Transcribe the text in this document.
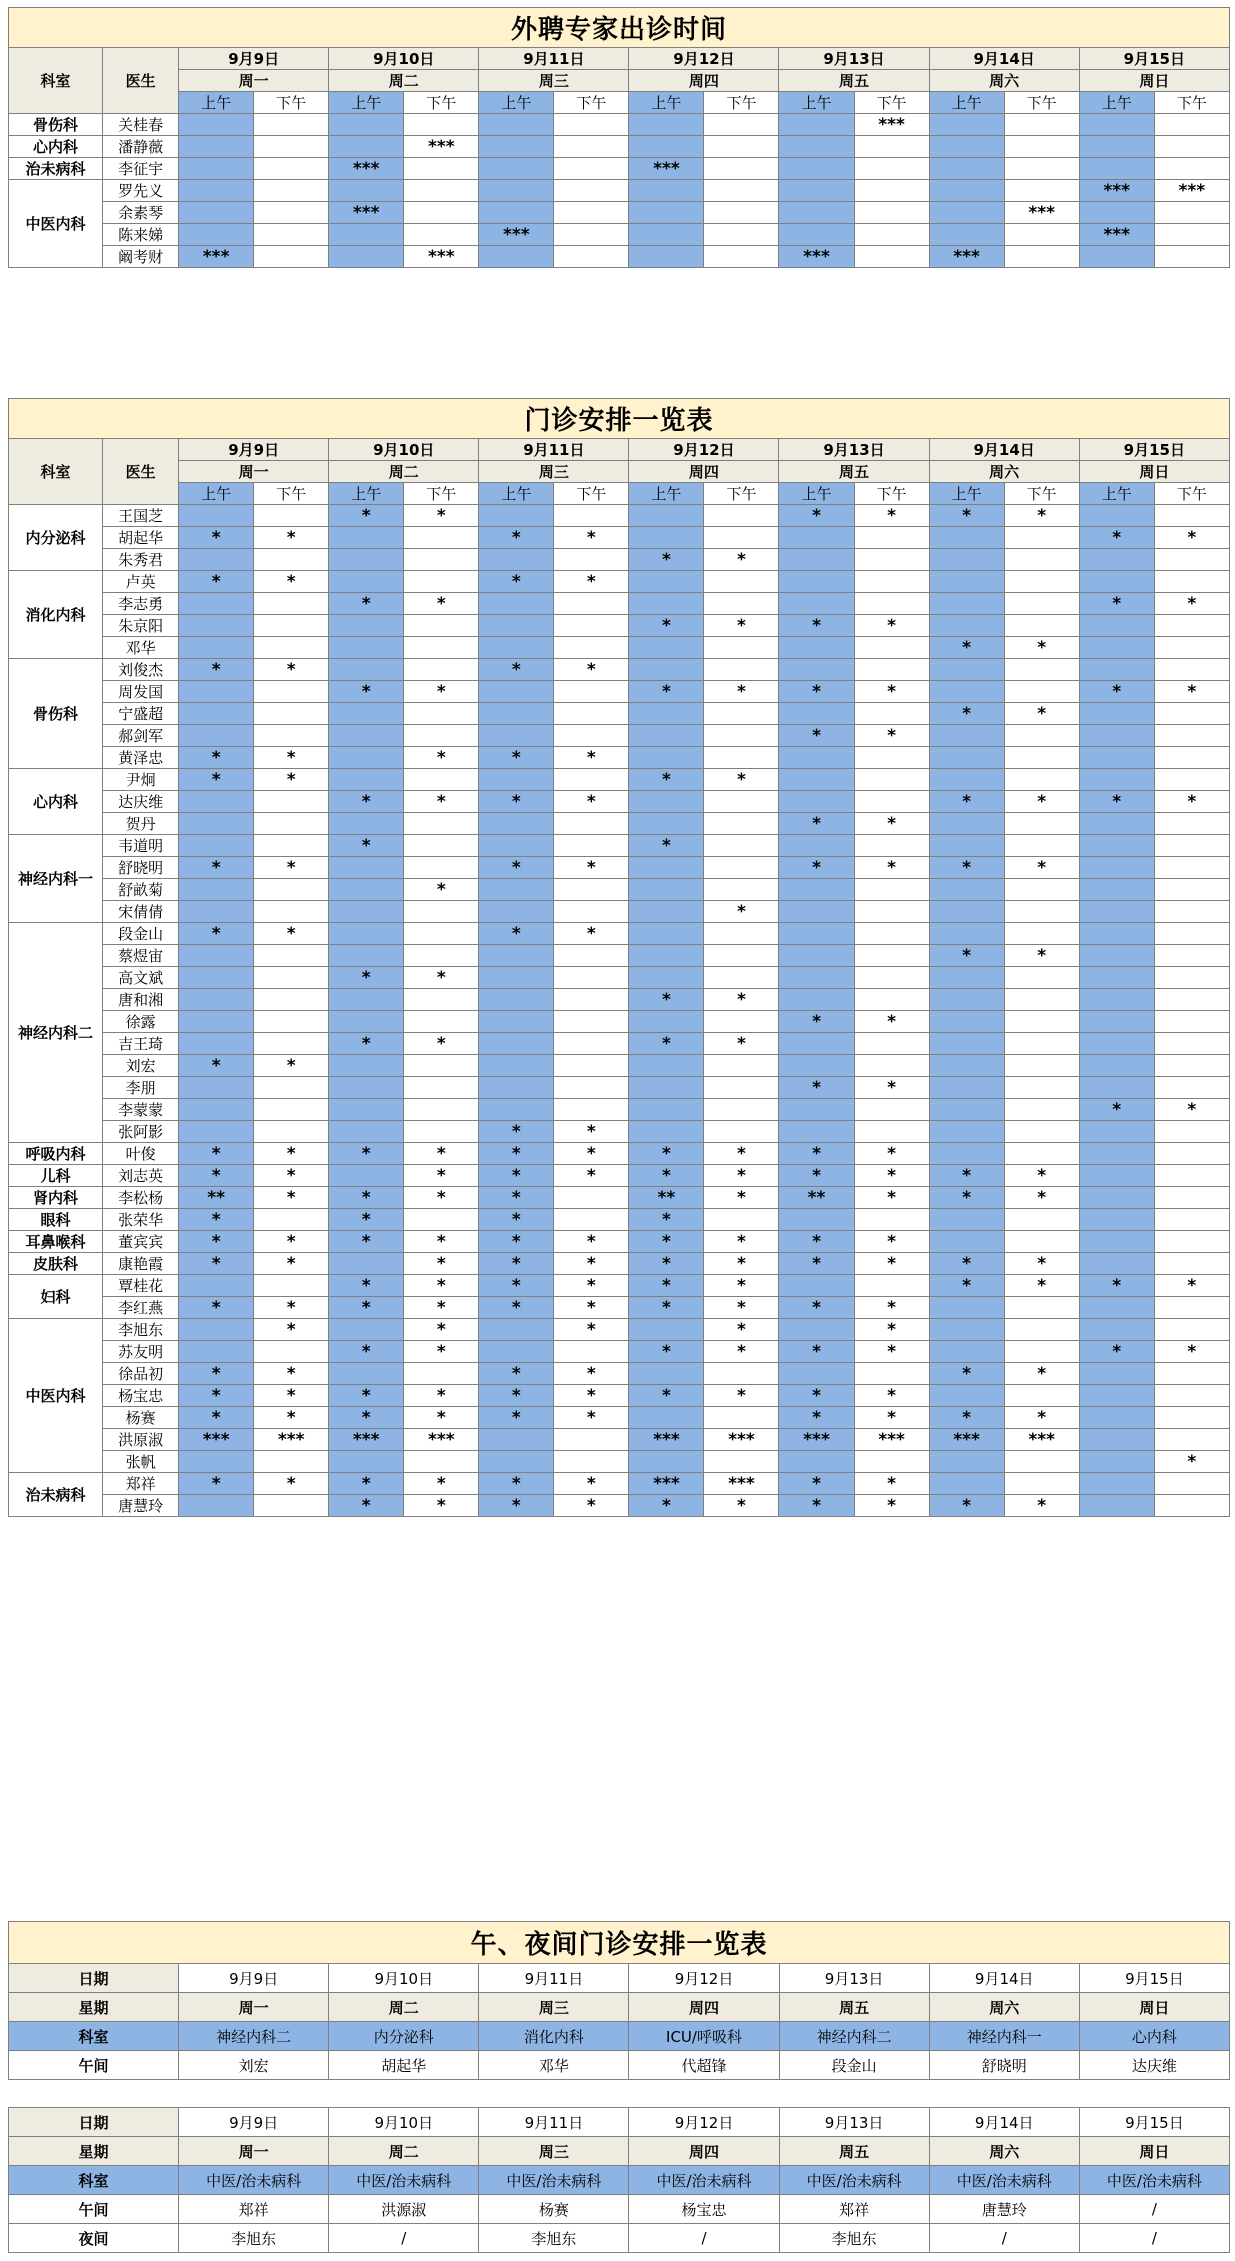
外聘专家出诊时间															
科室	医生	9月9日		9月10日		9月11日		9月12日		9月13日		9月14日		9月15日	
		周一		周二		周三		周四		周五		周六		周日	
		上午	下午	上午	下午	上午	下午	上午	下午	上午	下午	上午	下午	上午	下午
骨伤科	关桂春										***				
心内科	潘静薇				***										
治未病科	李征宇			***				***							
中医内科	罗先义													***	***
	余素琴			***									***		
	陈来娣					***								***	
	阚考财	***			***					***		***			
门诊安排一览表															
科室	医生	9月9日		9月10日		9月11日		9月12日		9月13日		9月14日		9月15日	
		周一		周二		周三		周四		周五		周六		周日	
		上午	下午	上午	下午	上午	下午	上午	下午	上午	下午	上午	下午	上午	下午
内分泌科	王国芝			*	*					*	*	*	*		
	胡起华	*	*			*	*							*	*
	朱秀君							*	*						
消化内科	卢英	*	*			*	*								
	李志勇			*	*									*	*
	朱京阳							*	*	*	*				
	邓华											*	*		
骨伤科	刘俊杰	*	*			*	*								
	周发国			*	*			*	*	*	*			*	*
	宁盛超											*	*		
	郝剑军									*	*				
	黄泽忠	*	*		*	*	*								
心内科	尹炯	*	*					*	*						
	达庆维			*	*	*	*					*	*	*	*
	贺丹									*	*				
神经内科一	韦道明			*				*							
	舒晓明	*	*			*	*			*	*	*	*		
	舒畝菊				*										
	宋倩倩								*						
神经内科二	段金山	*	*			*	*								
	蔡煜宙											*	*		
	高文斌			*	*										
	唐和湘							*	*						
	徐露									*	*				
	吉王琦			*	*			*	*						
	刘宏	*	*												
	李朋									*	*				
	李蒙蒙													*	*
	张阿影					*	*								
呼吸内科	叶俊	*	*	*	*	*	*	*	*	*	*				
儿科	刘志英	*	*		*	*	*	*	*	*	*	*	*		
肾内科	李松杨	**	*	*	*	*		**	*	**	*	*	*		
眼科	张荣华	*		*		*		*							
耳鼻喉科	董宾宾	*	*	*	*	*	*	*	*	*	*				
皮肤科	康艳霞	*	*		*	*	*	*	*	*	*	*	*		
妇科	覃桂花			*	*	*	*	*	*			*	*	*	*
	李红燕	*	*	*	*	*	*	*	*	*	*				
中医内科	李旭东		*		*		*		*		*				
	苏友明			*	*			*	*	*	*			*	*
	徐品初	*	*			*	*					*	*		
	杨宝忠	*	*	*	*	*	*	*	*	*	*				
	杨赛	*	*	*	*	*	*			*	*	*	*		
	洪原淑	***	***	***	***			***	***	***	***	***	***		
	张帆														*
治未病科	郑祥	*	*	*	*	*	*	***	***	*	*				
	唐慧玲			*	*	*	*	*	*	*	*	*	*		
午、夜间门诊安排一览表							
日期	9月9日	9月10日	9月11日	9月12日	9月13日	9月14日	9月15日
星期	周一	周二	周三	周四	周五	周六	周日
科室	神经内科二	内分泌科	消化内科	ICU/呼吸科	神经内科二	神经内科一	心内科
午间	刘宏	胡起华	邓华	代超锋	段金山	舒晓明	达庆维
日期	9月9日	9月10日	9月11日	9月12日	9月13日	9月14日	9月15日
星期	周一	周二	周三	周四	周五	周六	周日
科室	中医/治未病科	中医/治未病科	中医/治未病科	中医/治未病科	中医/治未病科	中医/治未病科	中医/治未病科
午间	郑祥	洪源淑	杨赛	杨宝忠	郑祥	唐慧玲	/
夜间	李旭东	/	李旭东	/	李旭东	/	/
